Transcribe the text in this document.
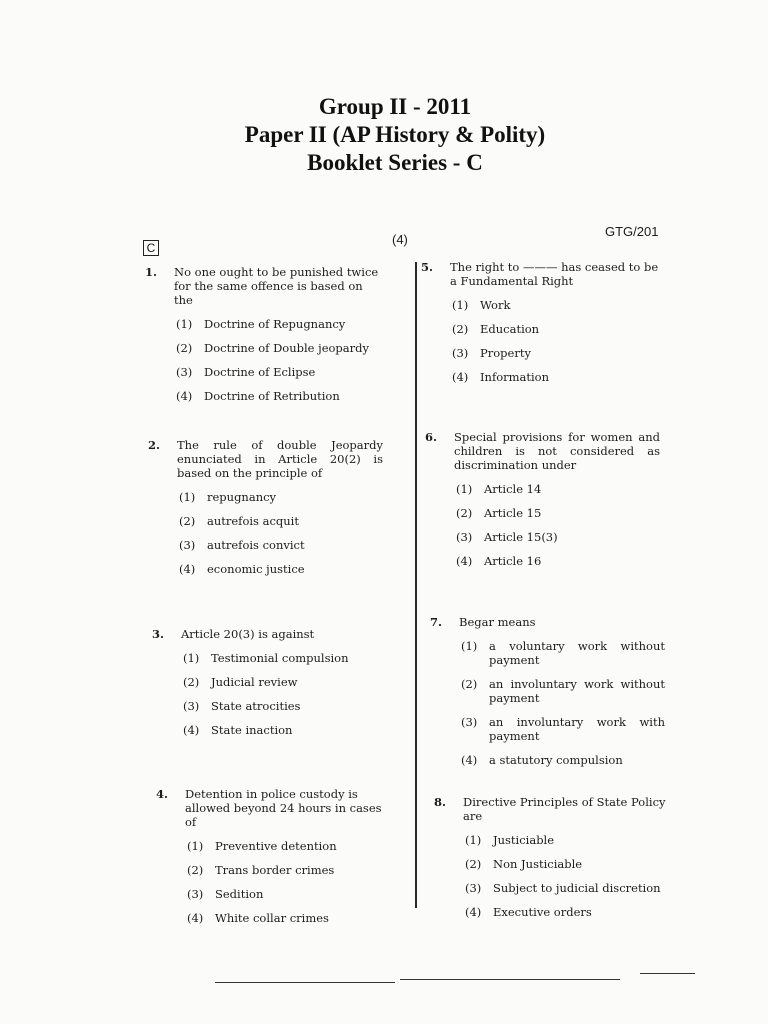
Group II - 2011
Paper II (AP History & Polity)
Booklet Series - C
C
(4)
GTG/201
1. No one ought to be punished twice for the same offence is based on the

(1) Doctrine of Repugnancy
(2) Doctrine of Double jeopardy
(3) Doctrine of Eclipse
(4) Doctrine of Retribution
2. The rule of double Jeopardy enunciated in Article 20(2) is based on the principle of

(1) repugnancy
(2) autrefois acquit
(3) autrefois convict
(4) economic justice
3. Article 20(3) is against

(1) Testimonial compulsion
(2) Judicial review
(3) State atrocities
(4) State inaction
4. Detention in police custody is allowed beyond 24 hours in cases of

(1) Preventive detention
(2) Trans border crimes
(3) Sedition
(4) White collar crimes
5. The right to ——— has ceased to be a Fundamental Right

(1) Work
(2) Education
(3) Property
(4) Information
6. Special provisions for women and children is not considered as discrimination under

(1) Article 14
(2) Article 15
(3) Article 15(3)
(4) Article 16
7. Begar means

(1) a voluntary work without payment
(2) an involuntary work without payment
(3) an involuntary work with payment
(4) a statutory compulsion
8. Directive Principles of State Policy are

(1) Justiciable
(2) Non Justiciable
(3) Subject to judicial discretion
(4) Executive orders
